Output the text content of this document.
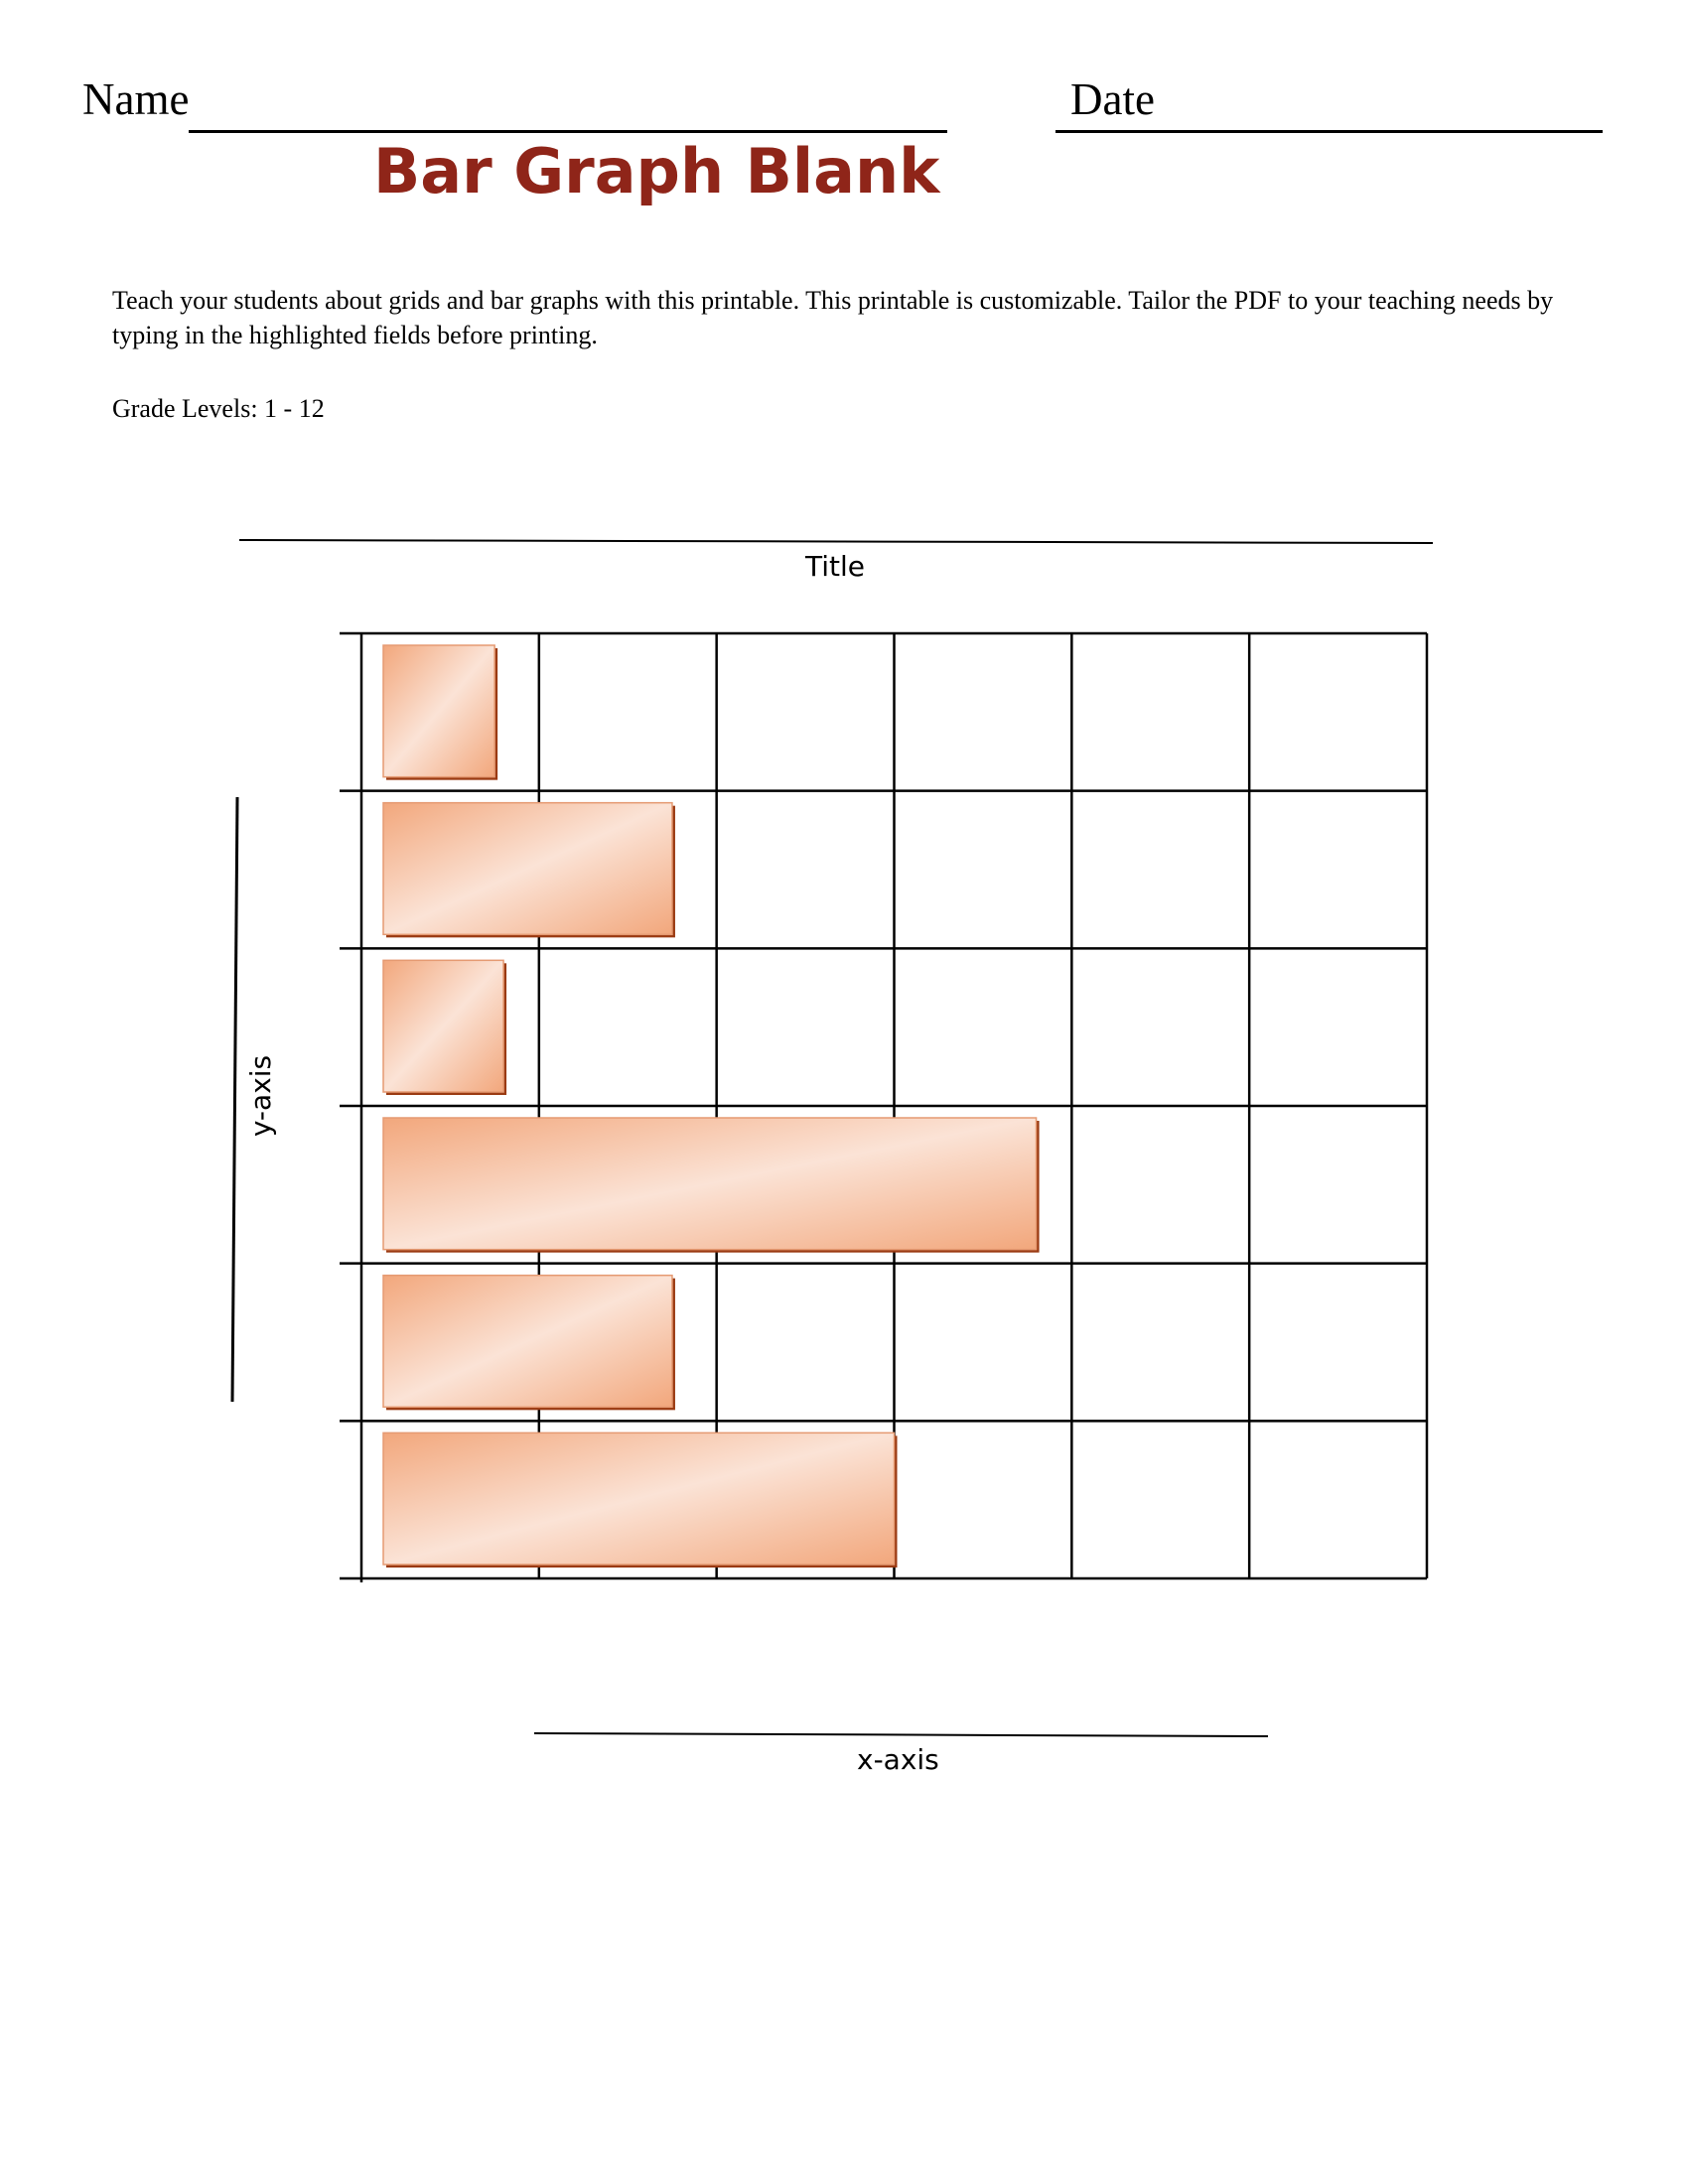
Name	Date
Bar Graph Blank
Teach your students about grids and bar graphs with this printable. This printable is customizable. Tailor the PDF to your teaching needs by typing in the highlighted fields before printing.
Grade Levels: 1 - 12
Title
x-axis
y-axis
